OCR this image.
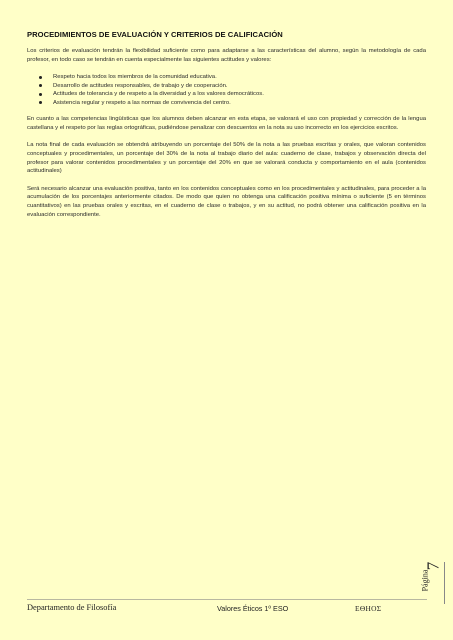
PROCEDIMIENTOS DE EVALUACIÓN Y CRITERIOS DE CALIFICACIÓN

Los criterios de evaluación tendrán la flexibilidad suficiente como para adaptarse a las características del alumno, según la metodología de cada profesor, en todo caso se tendrán en cuenta especialmente las siguientes actitudes y valores:

Respeto hacia todos los miembros de la comunidad educativa.
Desarrollo de actitudes responsables, de trabajo y de cooperación.
Actitudes de tolerancia y de respeto a la diversidad y a los valores democráticos.
Asistencia regular y respeto a las normas de convivencia del centro.

En cuanto a las competencias lingüísticas que los alumnos deben alcanzar en esta etapa, se valorará el uso con propiedad y corrección de la lengua castellana y el respeto por las reglas ortográficas, pudiéndose penalizar con descuentos en la nota su uso incorrecto en los ejercicios escritos.

La nota final de cada evaluación se obtendrá atribuyendo un porcentaje del 50% de la nota a las pruebas escritas y orales, que valoran contenidos conceptuales y procedimentales, un porcentaje del 30% de la nota al trabajo diario del aula: cuaderno de clase, trabajos y observación directa del profesor para valorar contenidos procedimentales y un porcentaje del 20% en que se valorará conducta y comportamiento en el aula (contenidos actitudinales)

Será necesario alcanzar una evaluación positiva, tanto en los contenidos conceptuales como en los procedimentales y actitudinales, para proceder a la acumulación de los porcentajes anteriormente citados. De modo que quien no obtenga una calificación positiva mínima o suficiente (5 en términos cuantitativos) en las pruebas orales y escritas, en el cuaderno de clase o trabajos, y en su actitud, no podrá obtener una calificación positiva en la evaluación correspondiente.

7
Página
Departamento de Filosofía	Valores Éticos 1º ESO	ΕΘΗΟΣ
